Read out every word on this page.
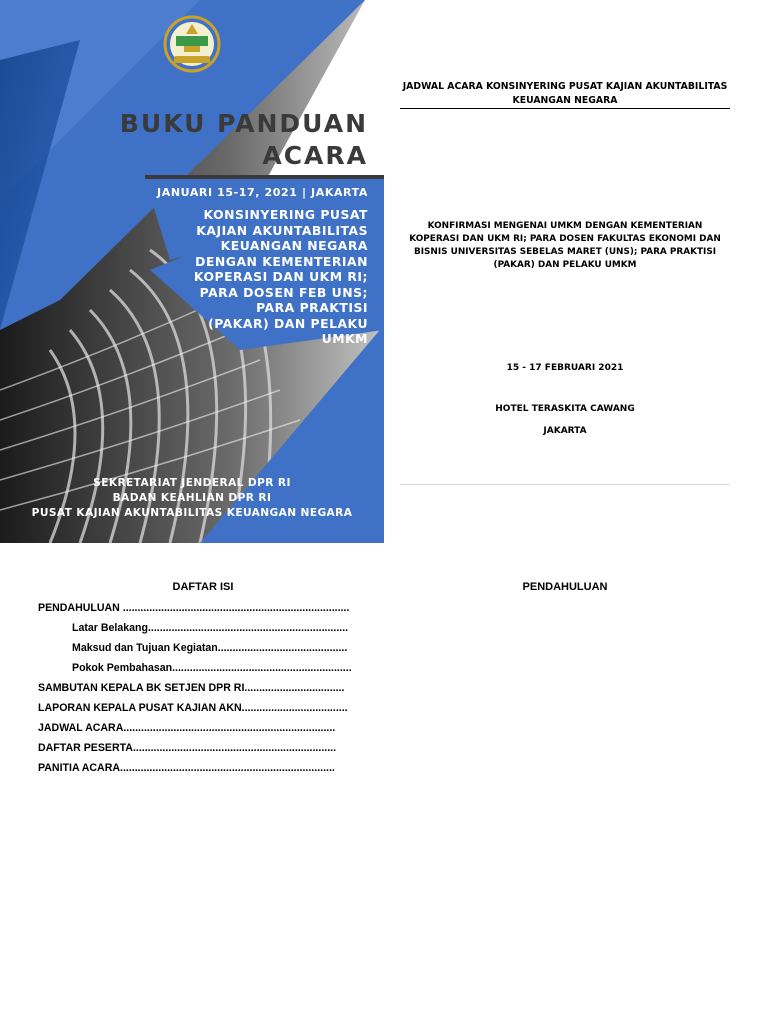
BUKU PANDUAN
ACARA
JANUARI 15-17, 2021 | JAKARTA
KONSINYERING PUSAT
KAJIAN AKUNTABILITAS
KEUANGAN NEGARA
DENGAN KEMENTERIAN
KOPERASI DAN UKM RI;
PARA DOSEN FEB UNS;
PARA PRAKTISI
(PAKAR) DAN PELAKU
UMKM
SEKRETARIAT JENDERAL DPR RI
BADAN KEAHLIAN DPR RI
PUSAT KAJIAN AKUNTABILITAS KEUANGAN NEGARA
JADWAL ACARA KONSINYERING PUSAT KAJIAN AKUNTABILITAS KEUANGAN NEGARA
KONFIRMASI MENGENAI UMKM DENGAN KEMENTERIAN KOPERASI DAN UKM RI; PARA DOSEN FAKULTAS EKONOMI DAN BISNIS UNIVERSITAS SEBELAS MARET (UNS); PARA PRAKTISI (PAKAR) DAN PELAKU UMKM
15 - 17 FEBRUARI 2021
HOTEL TERASKITA CAWANG
JAKARTA
DAFTAR ISI
PENDAHULUAN .............................................................................
Latar Belakang....................................................................
Maksud dan Tujuan Kegiatan............................................
Pokok Pembahasan.............................................................
SAMBUTAN KEPALA BK SETJEN DPR RI..................................
LAPORAN KEPALA PUSAT KAJIAN AKN....................................
JADWAL ACARA........................................................................
DAFTAR PESERTA.....................................................................
PANITIA ACARA.........................................................................
PENDAHULUAN
